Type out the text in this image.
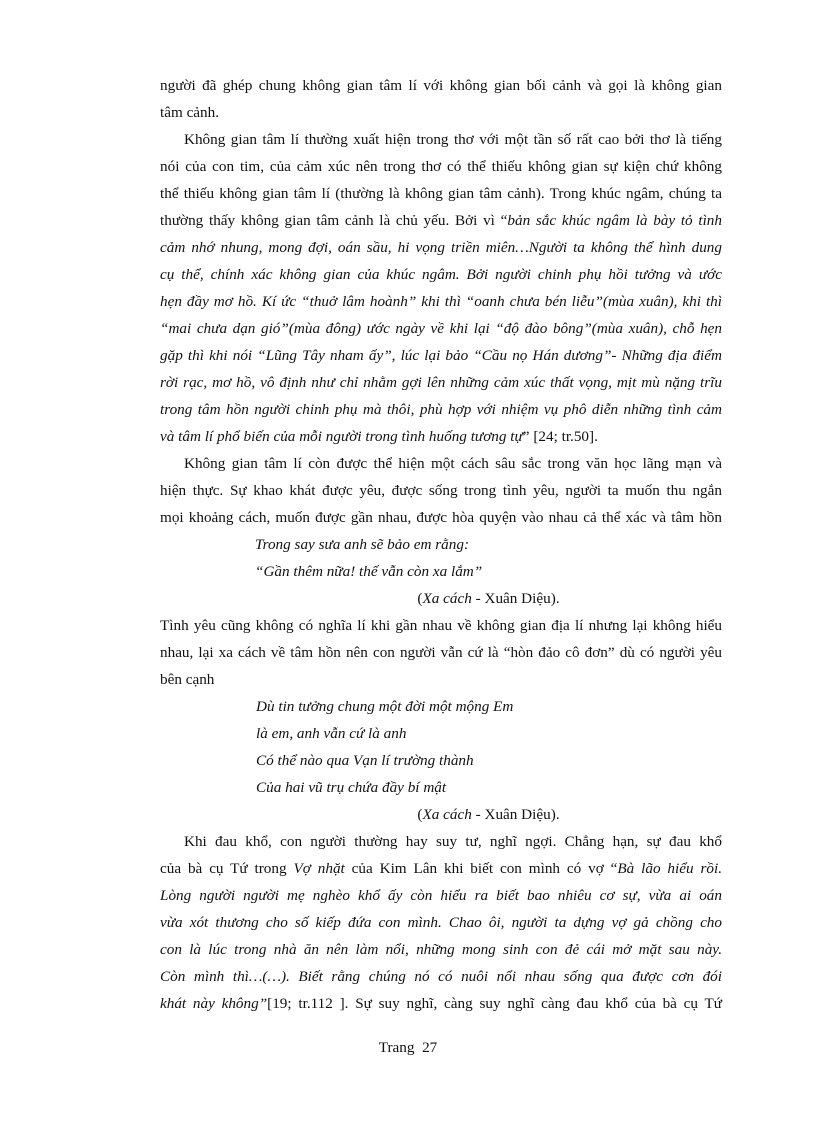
người đã ghép chung không gian tâm lí với không gian bối cảnh và gọi là không gian
tâm cảnh.
Không gian tâm lí thường xuất hiện trong thơ với một tần số rất cao bởi thơ là tiếng
nói của con tim, của cảm xúc nên trong thơ có thể thiếu không gian sự kiện chứ không
thể thiếu không gian tâm lí (thường là không gian tâm cảnh). Trong khúc ngâm, chúng ta
thường thấy không gian tâm cảnh là chủ yếu. Bởi vì “bản sắc khúc ngâm là bày tỏ tình
cảm nhớ nhung, mong đợi, oán sầu, hi vọng triền miên…Người ta không thể hình dung
cụ thể, chính xác không gian của khúc ngâm. Bởi người chinh phụ hồi tưởng và ước
hẹn đầy mơ hồ. Kí ức “thuở lâm hoành” khi thì “oanh chưa bén liễu”(mùa xuân), khi thì
“mai chưa dạn gió”(mùa đông) ước ngày về khi lại “độ đào bông”(mùa xuân), chỗ hẹn
gặp thì khi nói “Lũng Tây nham ấy”, lúc lại bảo “Cầu nọ Hán dương”- Những địa điểm
rời rạc, mơ hồ, vô định như chỉ nhằm gợi lên những cảm xúc thất vọng, mịt mù nặng trĩu
trong tâm hồn người chinh phụ mà thôi, phù hợp với nhiệm vụ phô diễn những tình cảm
và tâm lí phổ biến của mỗi người trong tình huống tương tự” [24; tr.50].
Không gian tâm lí còn được thể hiện một cách sâu sắc trong văn học lãng mạn và
hiện thực. Sự khao khát được yêu, được sống trong tình yêu, người ta muốn thu ngắn
mọi khoảng cách, muốn được gần nhau, được hòa quyện vào nhau cả thể xác và tâm hồn
Trong say sưa anh sẽ bảo em rằng:
“Gần thêm nữa! thế vẫn còn xa lắm”
(Xa cách - Xuân Diệu).
Tình yêu cũng không có nghĩa lí khi gần nhau về không gian địa lí nhưng lại không hiểu
nhau, lại xa cách về tâm hồn nên con người vẫn cứ là “hòn đảo cô đơn” dù có người yêu
bên cạnh
Dù tin tưởng chung một đời một mộng Em
là em, anh vẫn cứ là anh
Có thể nào qua Vạn lí trường thành
Của hai vũ trụ chứa đầy bí mật
(Xa cách - Xuân Diệu).
Khi đau khổ, con người thường hay suy tư, nghĩ ngợi. Chẳng hạn, sự đau khổ
của bà cụ Tứ trong Vợ nhặt của Kim Lân khi biết con mình có vợ “Bà lão hiểu rồi.
Lòng người người mẹ nghèo khổ ấy còn hiểu ra biết bao nhiêu cơ sự, vừa ai oán
vừa xót thương cho số kiếp đứa con mình. Chao ôi, người ta dựng vợ gả chồng cho
con là lúc trong nhà ăn nên làm nổi, những mong sinh con đẻ cái mở mặt sau này.
Còn mình thì…(…). Biết rằng chúng nó có nuôi nổi nhau sống qua được cơn đói
khát này không”[19; tr.112 ]. Sự suy nghĩ, càng suy nghĩ càng đau khổ của bà cụ Tứ
Trang 27
